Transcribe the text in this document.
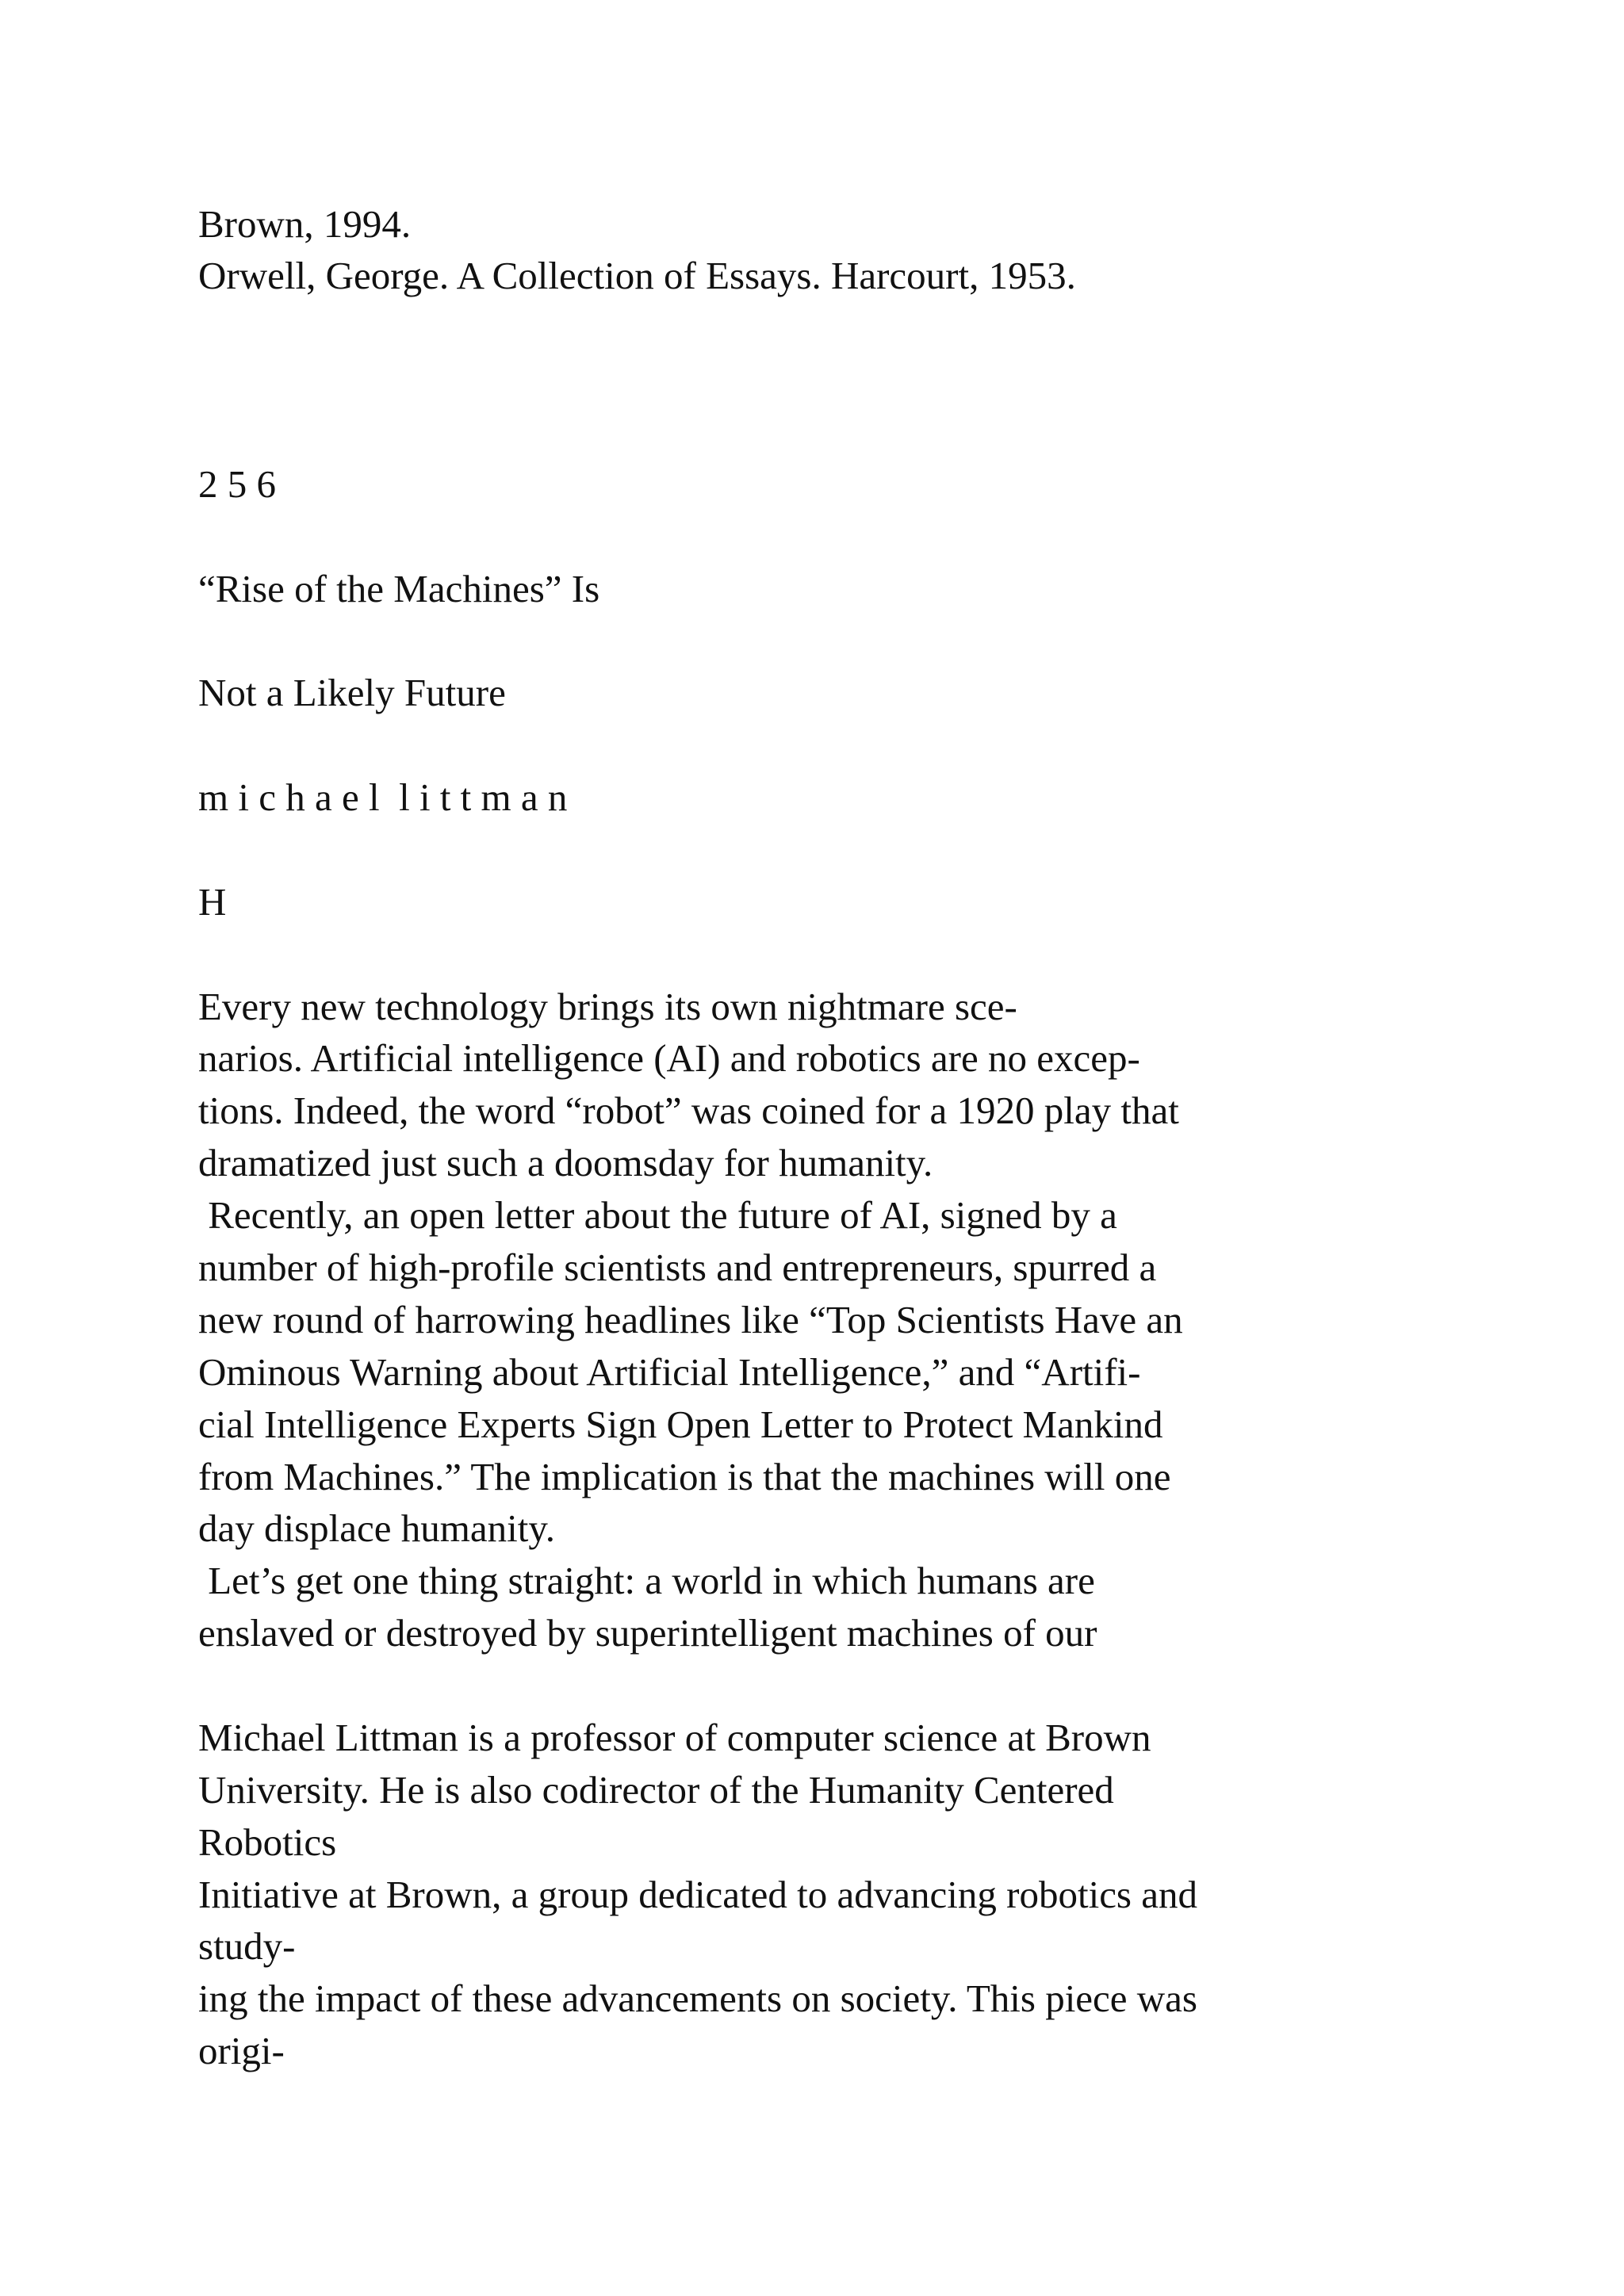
Brown, 1994.

Orwell, George. A Collection of Essays. Harcourt, 1953.

2 5 6

“Rise of the Machines” Is

Not a Likely Future

m i c h a e l  l i t t m a n

H

Every new technology brings its own nightmare sce-

narios. Artificial intelligence (AI) and robotics are no excep-

tions. Indeed, the word “robot” was coined for a 1920 play that

dramatized just such a doomsday for humanity.

Recently, an open letter about the future of AI, signed by a

number of high-profile scientists and entrepreneurs, spurred a

new round of harrowing headlines like “Top Scientists Have an

Ominous Warning about Artificial Intelligence,” and “Artifi-

cial Intelligence Experts Sign Open Letter to Protect Mankind

from Machines.” The implication is that the machines will one

day displace humanity.

Let’s get one thing straight: a world in which humans are

enslaved or destroyed by superintelligent machines of our

Michael Littman is a professor of computer science at Brown

University. He is also codirector of the Humanity Centered

Robotics

Initiative at Brown, a group dedicated to advancing robotics and

study-

ing the impact of these advancements on society. This piece was

origi-
